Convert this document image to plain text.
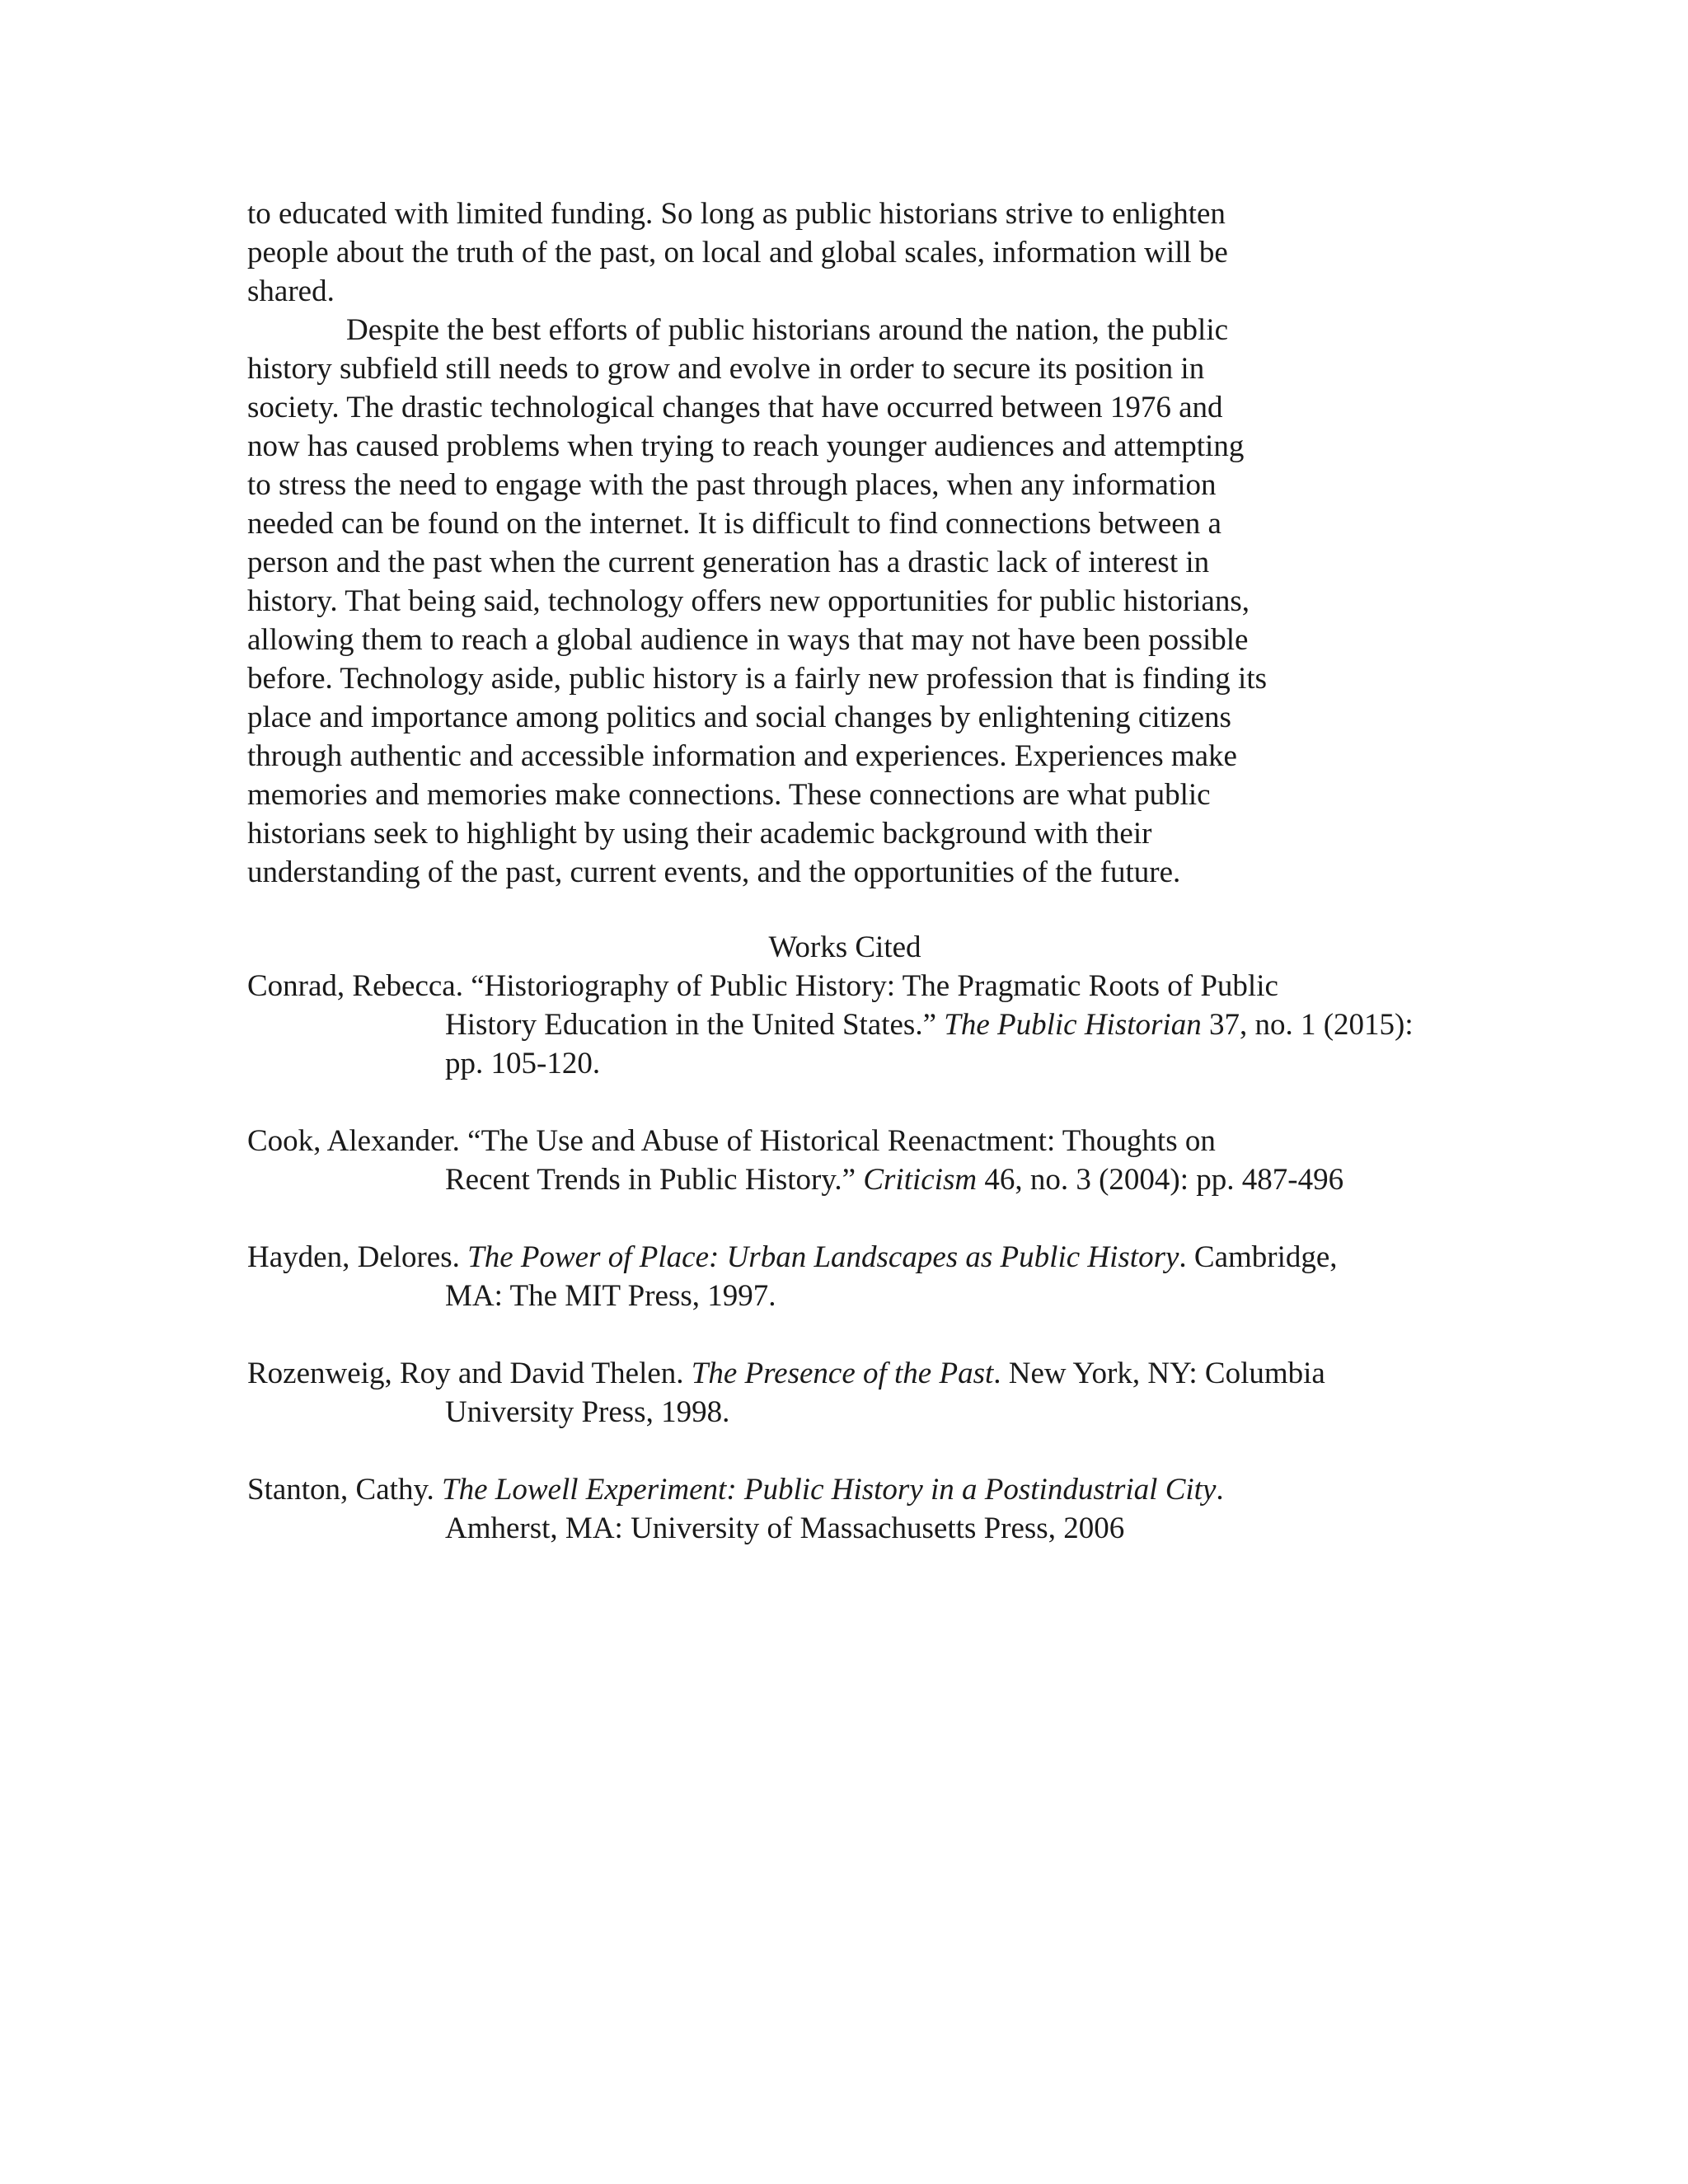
to educated with limited funding. So long as public historians strive to enlighten
people about the truth of the past, on local and global scales, information will be
shared.

Despite the best efforts of public historians around the nation, the public
history subfield still needs to grow and evolve in order to secure its position in
society. The drastic technological changes that have occurred between 1976 and
now has caused problems when trying to reach younger audiences and attempting
to stress the need to engage with the past through places, when any information
needed can be found on the internet. It is difficult to find connections between a
person and the past when the current generation has a drastic lack of interest in
history. That being said, technology offers new opportunities for public historians,
allowing them to reach a global audience in ways that may not have been possible
before. Technology aside, public history is a fairly new profession that is finding its
place and importance among politics and social changes by enlightening citizens
through authentic and accessible information and experiences. Experiences make
memories and memories make connections. These connections are what public
historians seek to highlight by using their academic background with their
understanding of the past, current events, and the opportunities of the future.

Works Cited
Conrad, Rebecca. “Historiography of Public History: The Pragmatic Roots of Public
History Education in the United States.” The Public Historian 37, no. 1 (2015):
pp. 105-120.
Cook, Alexander. “The Use and Abuse of Historical Reenactment: Thoughts on
Recent Trends in Public History.” Criticism 46, no. 3 (2004): pp. 487-496
Hayden, Delores. The Power of Place: Urban Landscapes as Public History. Cambridge,
MA: The MIT Press, 1997.
Rozenweig, Roy and David Thelen. The Presence of the Past. New York, NY: Columbia
University Press, 1998.
Stanton, Cathy. The Lowell Experiment: Public History in a Postindustrial City.
Amherst, MA: University of Massachusetts Press, 2006
